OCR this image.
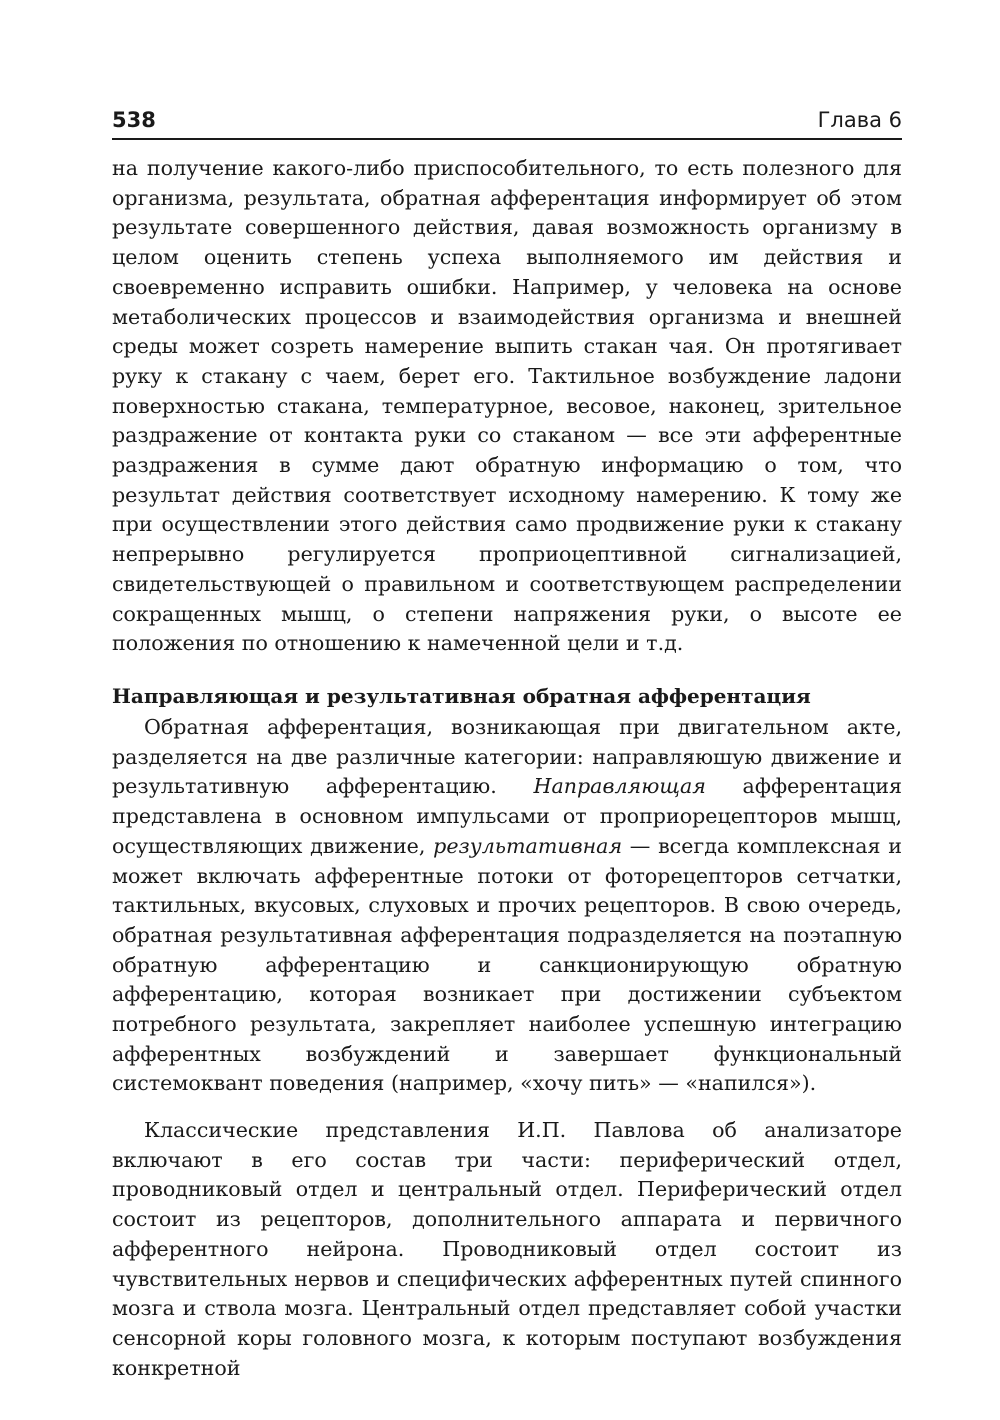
538	Глава 6

на получение какого-либо приспособительного, то есть полезного для организма, результата, обратная афферентация информирует об этом результате совершенного действия, давая возможность организму в целом оценить степень успеха выполняемого им действия и своевременно исправить ошибки. Например, у человека на основе метаболических процессов и взаимодействия организма и внешней среды может созреть намерение выпить стакан чая. Он протягивает руку к стакану с чаем, берет его. Тактильное возбуждение ладони поверхностью стакана, температурное, весовое, наконец, зрительное раздражение от контакта руки со стаканом — все эти афферентные раздражения в сумме дают обратную информацию о том, что результат действия соответствует исходному намерению. К тому же при осуществлении этого действия само продвижение руки к стакану непрерывно регулируется проприоцептивной сигнализацией, свидетельствующей о правильном и соответствующем распределении сокращенных мышц, о степени напряжения руки, о высоте ее положения по отношению к намеченной цели и т.д.

Направляющая и результативная обратная афферентация

Обратная афферентация, возникающая при двигательном акте, разделяется на две различные категории: направляюшую движение и результативную афферентацию. Направляющая афферентация представлена в основном импульсами от проприорецепторов мышц, осуществляющих движение, результативная — всегда комплексная и может включать афферентные потоки от фоторецепторов сетчатки, тактильных, вкусовых, слуховых и прочих рецепторов. В свою очередь, обратная результативная афферентация подразделяется на поэтапную обратную афферентацию и санкционирующую обратную афферентацию, которая возникает при достижении субъектом потребного результата, закрепляет наиболее успешную интеграцию афферентных возбуждений и завершает функциональный системоквант поведения (например, «хочу пить» — «напился»).

Классические представления И.П. Павлова об анализаторе включают в его состав три части: периферический отдел, проводниковый отдел и центральный отдел. Периферический отдел состоит из рецепторов, дополнительного аппарата и первичного афферентного нейрона. Проводниковый отдел состоит из чувствительных нервов и специфических афферентных путей спинного мозга и ствола мозга. Центральный отдел представляет собой участки сенсорной коры головного мозга, к которым поступают возбуждения конкретной
